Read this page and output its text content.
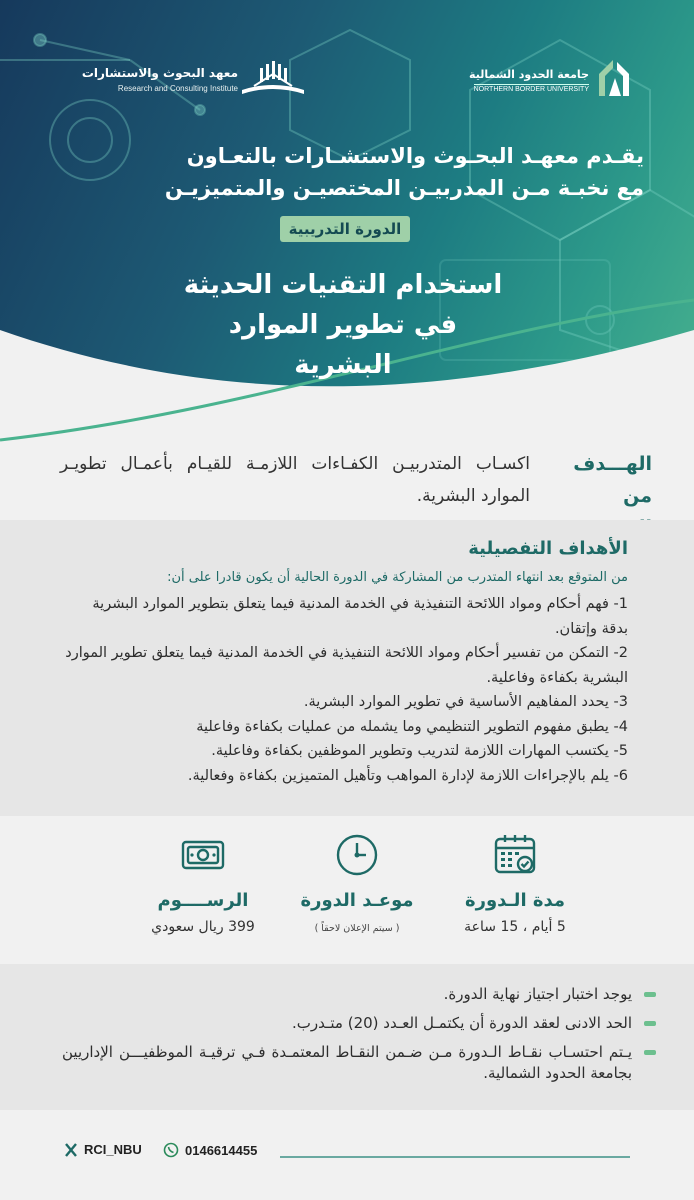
معهد البحوث والاستشارات
Research and Consulting Institute
جامعة الحدود الشمالية
NORTHERN BORDER UNIVERSITY
يقـدم معهـد البحـوث والاستشـارات بالتعـاون
مع نخبـة مـن المدربيـن المختصيـن والمتميزيـن
الدورة التدريبية
استخدام التقنيات الحديثة
في تطوير الموارد البشرية
الهـــدف
من
اكسـاب المتدربيـن الكفـاءات اللازمـة للقيـام بأعمـال تطويـر الموارد البشرية.
الأهداف التفصيلية
من المتوقع بعد انتهاء المتدرب من المشاركة في الدورة الحالية أن يكون قادرا على أن:
1- فهم أحكام ومواد اللائحة التنفيذية في الخدمة المدنية فيما يتعلق بتطوير الموارد البشرية بدقة وإتقان.
2- التمكن من تفسير أحكام ومواد اللائحة التنفيذية في الخدمة المدنية فيما يتعلق تطوير الموارد البشرية بكفاءة وفاعلية.
3- يحدد المفاهيم الأساسية في تطوير الموارد البشرية.
4- يطبق مفهوم التطوير التنظيمي وما يشمله من عمليات بكفاءة وفاعلية
5- يكتسب المهارات اللازمة لتدريب وتطوير الموظفين بكفاءة وفاعلية.
6- يلم بالإجراءات اللازمة لإدارة المواهب وتأهيل المتميزين بكفاءة وفعالية.
مدة الـدورة
5 أيام ، 15 ساعة
موعـد الدورة
( سيتم الإعلان لاحقاً )
الرســــوم
399 ريال سعودي
يوجد اختبار اجتياز نهاية الدورة.
الحد الادنى لعقد الدورة أن يكتمـل العـدد (20) متـدرب.
يـتم احتسـاب نقـاط الـدورة مـن ضـمن النقـاط المعتمـدة فـي ترقيـة الموظفيـــن الإداريين بجامعة الحدود الشمالية.
RCI_NBU	0146614455
